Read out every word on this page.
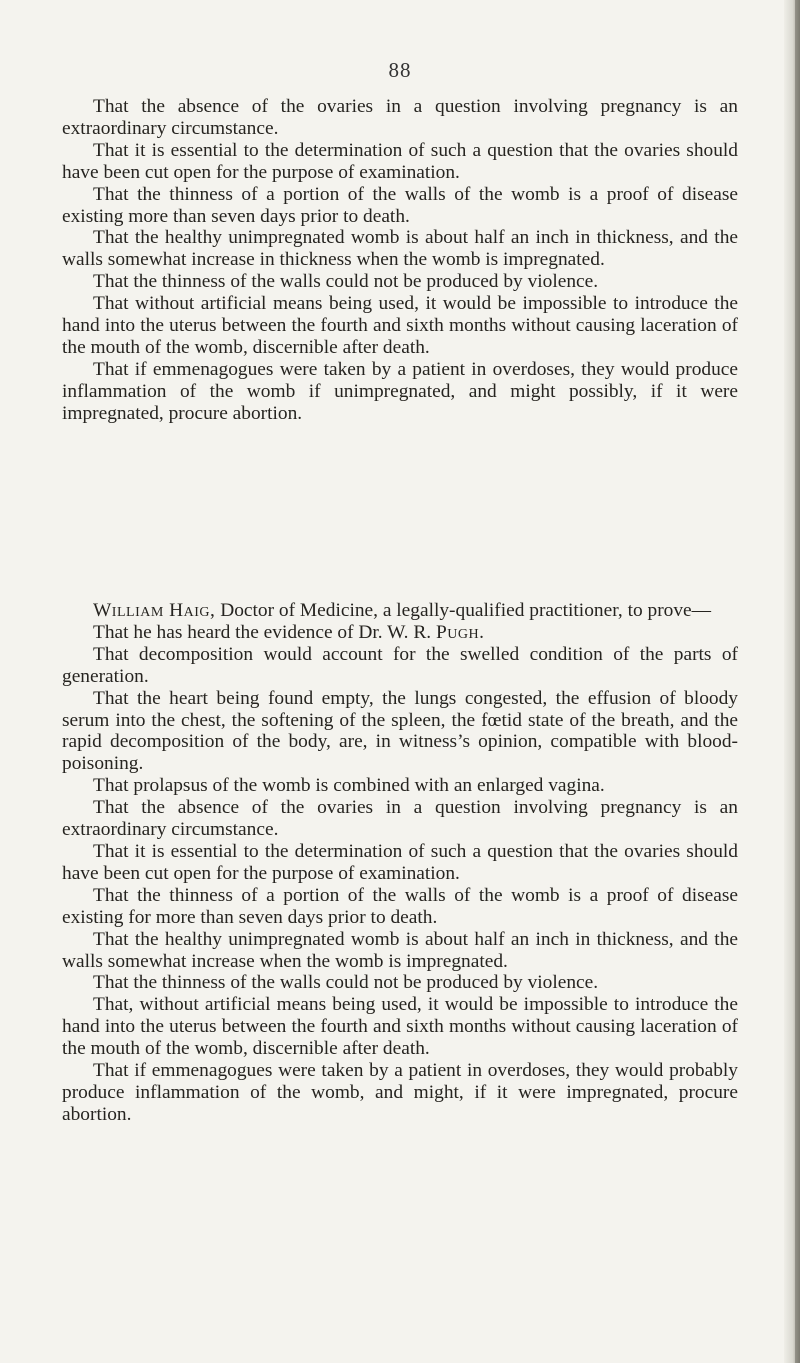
88

That the absence of the ovaries in a question involving pregnancy is an extraordinary circumstance.

That it is essential to the determination of such a question that the ovaries should have been cut open for the purpose of examination.

That the thinness of a portion of the walls of the womb is a proof of disease existing more than seven days prior to death.

That the healthy unimpregnated womb is about half an inch in thickness, and the walls somewhat increase in thickness when the womb is impregnated.

That the thinness of the walls could not be produced by violence.

That without artificial means being used, it would be impossible to introduce the hand into the uterus between the fourth and sixth months without causing laceration of the mouth of the womb, discernible after death.

That if emmenagogues were taken by a patient in overdoses, they would produce inflammation of the womb if unimpregnated, and might possibly, if it were impregnated, procure abortion.

William Haig, Doctor of Medicine, a legally-qualified practitioner, to prove—

That he has heard the evidence of Dr. W. R. Pugh.

That decomposition would account for the swelled condition of the parts of generation.

That the heart being found empty, the lungs congested, the effusion of bloody serum into the chest, the softening of the spleen, the fœtid state of the breath, and the rapid decomposition of the body, are, in witness’s opinion, compatible with blood-poisoning.

That prolapsus of the womb is combined with an enlarged vagina.

That the absence of the ovaries in a question involving pregnancy is an extraordinary circumstance.

That it is essential to the determination of such a question that the ovaries should have been cut open for the purpose of examination.

That the thinness of a portion of the walls of the womb is a proof of disease existing for more than seven days prior to death.

That the healthy unimpregnated womb is about half an inch in thickness, and the walls somewhat increase when the womb is impregnated.

That the thinness of the walls could not be produced by violence.

That, without artificial means being used, it would be impossible to introduce the hand into the uterus between the fourth and sixth months without causing laceration of the mouth of the womb, discernible after death.

That if emmenagogues were taken by a patient in overdoses, they would probably produce inflammation of the womb, and might, if it were impregnated, procure abortion.
